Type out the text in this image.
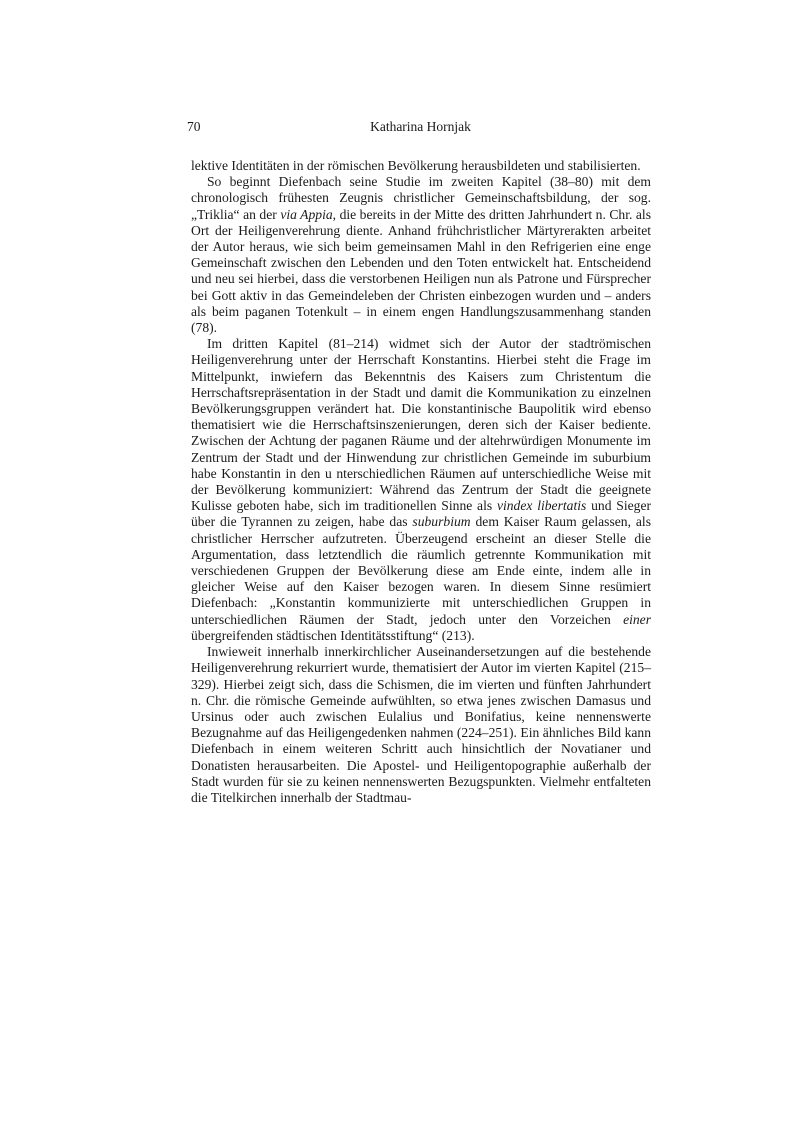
70	Katharina Hornjak

lektive Identitäten in der römischen Bevölkerung herausbildeten und stabilisierten.

So beginnt Diefenbach seine Studie im zweiten Kapitel (38–80) mit dem chronologisch frühesten Zeugnis christlicher Gemeinschaftsbildung, der sog. „Triklia“ an der via Appia, die bereits in der Mitte des dritten Jahrhundert n. Chr. als Ort der Heiligenverehrung diente. Anhand frühchristlicher Märtyrerakten arbeitet der Autor heraus, wie sich beim gemeinsamen Mahl in den Refrigerien eine enge Gemeinschaft zwischen den Lebenden und den Toten entwickelt hat. Entscheidend und neu sei hierbei, dass die verstorbenen Heiligen nun als Patrone und Fürsprecher bei Gott aktiv in das Gemeindeleben der Christen einbezogen wurden und – anders als beim paganen Totenkult – in einem engen Handlungszusammenhang standen (78).

Im dritten Kapitel (81–214) widmet sich der Autor der stadtrömischen Heiligenverehrung unter der Herrschaft Konstantins. Hierbei steht die Frage im Mittelpunkt, inwiefern das Bekenntnis des Kaisers zum Christentum die Herrschaftsrepräsentation in der Stadt und damit die Kommunikation zu einzelnen Bevölkerungsgruppen verändert hat. Die konstantinische Baupolitik wird ebenso thematisiert wie die Herrschaftsinszenierungen, deren sich der Kaiser bediente. Zwischen der Achtung der paganen Räume und der altehrwürdigen Monumente im Zentrum der Stadt und der Hinwendung zur christlichen Gemeinde im suburbium habe Konstantin in den u nterschiedlichen Räumen auf unterschiedliche Weise mit der Bevölkerung kommuniziert: Während das Zentrum der Stadt die geeignete Kulisse geboten habe, sich im traditionellen Sinne als vindex libertatis und Sieger über die Tyrannen zu zeigen, habe das suburbium dem Kaiser Raum gelassen, als christlicher Herrscher aufzutreten. Überzeugend erscheint an dieser Stelle die Argumentation, dass letztendlich die räumlich getrennte Kommunikation mit verschiedenen Gruppen der Bevölkerung diese am Ende einte, indem alle in gleicher Weise auf den Kaiser bezogen waren. In diesem Sinne resümiert Diefenbach: „Konstantin kommunizierte mit unterschiedlichen Gruppen in unterschiedlichen Räumen der Stadt, jedoch unter den Vorzeichen einer übergreifenden städtischen Identitätsstiftung“ (213).

Inwieweit innerhalb innerkirchlicher Auseinandersetzungen auf die bestehende Heiligenverehrung rekurriert wurde, thematisiert der Autor im vierten Kapitel (215–329). Hierbei zeigt sich, dass die Schismen, die im vierten und fünften Jahrhundert n. Chr. die römische Gemeinde aufwühlten, so etwa jenes zwischen Damasus und Ursinus oder auch zwischen Eulalius und Bonifatius, keine nennenswerte Bezugnahme auf das Heiligengedenken nahmen (224–251). Ein ähnliches Bild kann Diefenbach in einem weiteren Schritt auch hinsichtlich der Novatianer und Donatisten herausarbeiten. Die Apostel- und Heiligentopographie außerhalb der Stadt wurden für sie zu keinen nennenswerten Bezugspunkten. Vielmehr entfalteten die Titelkirchen innerhalb der Stadtmau-
